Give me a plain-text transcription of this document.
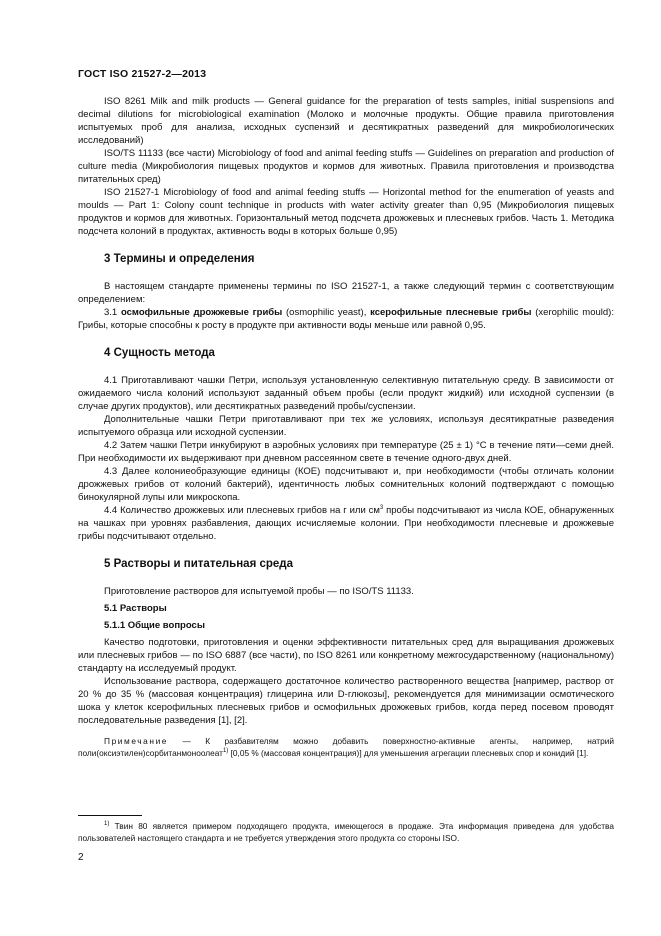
ГОСТ ISO 21527-2—2013

ISO 8261 Milk and milk products — General guidance for the preparation of tests samples, initial suspensions and decimal dilutions for microbiological examination (Молоко и молочные продукты. Общие правила приготовления испытуемых проб для анализа, исходных суспензий и десятикратных разведений для микробиологических исследований)

ISO/TS 11133 (все части) Microbiology of food and animal feeding stuffs — Guidelines on preparation and production of culture media (Микробиология пищевых продуктов и кормов для животных. Правила приготовления и производства питательных сред)

ISO 21527-1 Microbiology of food and animal feeding stuffs — Horizontal method for the enumeration of yeasts and moulds — Part 1: Colony count technique in products with water activity greater than 0,95 (Микробиология пищевых продуктов и кормов для животных. Горизонтальный метод подсчета дрожжевых и плесневых грибов. Часть 1. Методика подсчета колоний в продуктах, активность воды в которых больше 0,95)

3 Термины и определения

В настоящем стандарте применены термины по ISO 21527-1, а также следующий термин с соответствующим определением:

3.1 осмофильные дрожжевые грибы (osmophilic yeast), ксерофильные плесневые грибы (xerophilic mould): Грибы, которые способны к росту в продукте при активности воды меньше или равной 0,95.

4 Сущность метода

4.1 Приготавливают чашки Петри, используя установленную селективную питательную среду. В зависимости от ожидаемого числа колоний используют заданный объем пробы (если продукт жидкий) или исходной суспензии (в случае других продуктов), или десятикратных разведений пробы/суспензии.

Дополнительные чашки Петри приготавливают при тех же условиях, используя десятикратные разведения испытуемого образца или исходной суспензии.

4.2 Затем чашки Петри инкубируют в аэробных условиях при температуре (25 ± 1) °С в течение пяти—семи дней. При необходимости их выдерживают при дневном рассеянном свете в течение одного-двух дней.

4.3 Далее колониеобразующие единицы (КОЕ) подсчитывают и, при необходимости (чтобы отличать колонии дрожжевых грибов от колоний бактерий), идентичность любых сомнительных колоний подтверждают с помощью бинокулярной лупы или микроскопа.

4.4 Количество дрожжевых или плесневых грибов на г или $см^3$ пробы подсчитывают из числа КОЕ, обнаруженных на чашках при уровнях разбавления, дающих исчисляемые колонии. При необходимости плесневые и дрожжевые грибы подсчитывают отдельно.

5 Растворы и питательная среда

Приготовление растворов для испытуемой пробы — по ISO/TS 11133.

5.1 Растворы
5.1.1 Общие вопросы

Качество подготовки, приготовления и оценки эффективности питательных сред для выращивания дрожжевых или плесневых грибов — по ISO 6887 (все части), по ISO 8261 или конкретному межгосударственному (национальному) стандарту на исследуемый продукт.

Использование раствора, содержащего достаточное количество растворенного вещества [например, раствор от 20 % до 35 % (массовая концентрация) глицерина или D-глюкозы], рекомендуется для минимизации осмотического шока у клеток ксерофильных плесневых грибов и осмофильных дрожжевых грибов, когда перед посевом проводят последовательные разведения [1], [2].

Примечание — К разбавителям можно добавить поверхностно-активные агенты, например, натрий поли(оксиэтилен)сорбитанмоноолеат$^{1)}$ [0,05 % (массовая концентрация)] для уменьшения агрегации плесневых спор и конидий [1].

$^{1)}$ Твин 80 является примером подходящего продукта, имеющегося в продаже. Эта информация приведена для удобства пользователей настоящего стандарта и не требуется утверждения этого продукта со стороны ISO.

2
